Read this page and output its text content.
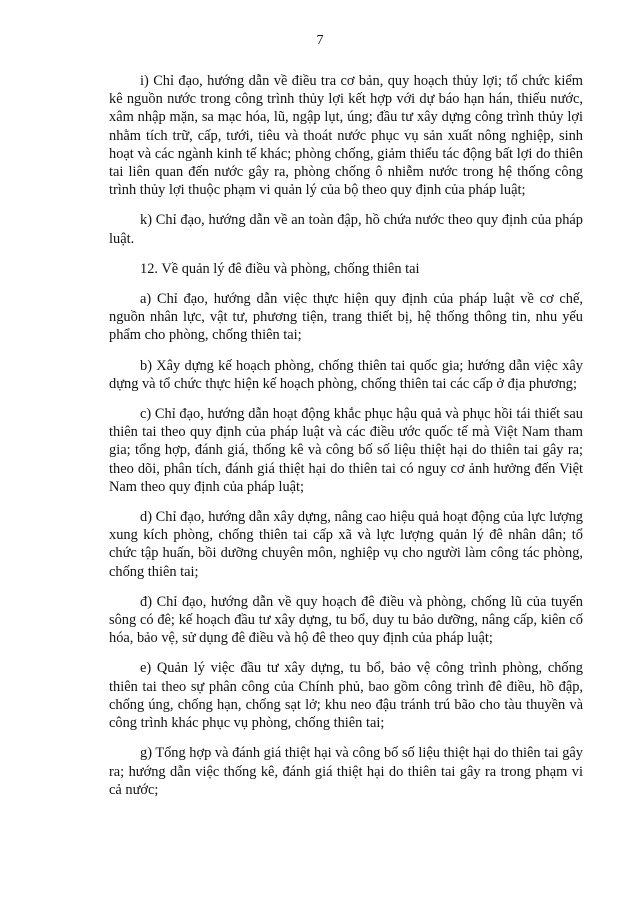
7

i) Chỉ đạo, hướng dẫn về điều tra cơ bản, quy hoạch thủy lợi; tổ chức kiểm kê nguồn nước trong công trình thủy lợi kết hợp với dự báo hạn hán, thiếu nước, xâm nhập mặn, sa mạc hóa, lũ, ngập lụt, úng; đầu tư xây dựng công trình thủy lợi nhằm tích trữ, cấp, tưới, tiêu và thoát nước phục vụ sản xuất nông nghiệp, sinh hoạt và các ngành kinh tế khác; phòng chống, giảm thiểu tác động bất lợi do thiên tai liên quan đến nước gây ra, phòng chống ô nhiễm nước trong hệ thống công trình thủy lợi thuộc phạm vi quản lý của bộ theo quy định của pháp luật;

k) Chỉ đạo, hướng dẫn về an toàn đập, hồ chứa nước theo quy định của pháp luật.

12. Về quản lý đê điều và phòng, chống thiên tai

a) Chỉ đạo, hướng dẫn việc thực hiện quy định của pháp luật về cơ chế, nguồn nhân lực, vật tư, phương tiện, trang thiết bị, hệ thống thông tin, nhu yếu phẩm cho phòng, chống thiên tai;

b) Xây dựng kế hoạch phòng, chống thiên tai quốc gia; hướng dẫn việc xây dựng và tổ chức thực hiện kế hoạch phòng, chống thiên tai các cấp ở địa phương;

c) Chỉ đạo, hướng dẫn hoạt động khắc phục hậu quả và phục hồi tái thiết sau thiên tai theo quy định của pháp luật và các điều ước quốc tế mà Việt Nam tham gia; tổng hợp, đánh giá, thống kê và công bố số liệu thiệt hại do thiên tai gây ra; theo dõi, phân tích, đánh giá thiệt hại do thiên tai có nguy cơ ảnh hưởng đến Việt Nam theo quy định của pháp luật;

d) Chỉ đạo, hướng dẫn xây dựng, nâng cao hiệu quả hoạt động của lực lượng xung kích phòng, chống thiên tai cấp xã và lực lượng quản lý đê nhân dân; tổ chức tập huấn, bồi dưỡng chuyên môn, nghiệp vụ cho người làm công tác phòng, chống thiên tai;

đ) Chỉ đạo, hướng dẫn về quy hoạch đê điều và phòng, chống lũ của tuyến sông có đê; kế hoạch đầu tư xây dựng, tu bổ, duy tu bảo dưỡng, nâng cấp, kiên cố hóa, bảo vệ, sử dụng đê điều và hộ đê theo quy định của pháp luật;

e) Quản lý việc đầu tư xây dựng, tu bổ, bảo vệ công trình phòng, chống thiên tai theo sự phân công của Chính phủ, bao gồm công trình đê điều, hồ đập, chống úng, chống hạn, chống sạt lở; khu neo đậu tránh trú bão cho tàu thuyền và công trình khác phục vụ phòng, chống thiên tai;

g) Tổng hợp và đánh giá thiệt hại và công bố số liệu thiệt hại do thiên tai gây ra; hướng dẫn việc thống kê, đánh giá thiệt hại do thiên tai gây ra trong phạm vi cả nước;
